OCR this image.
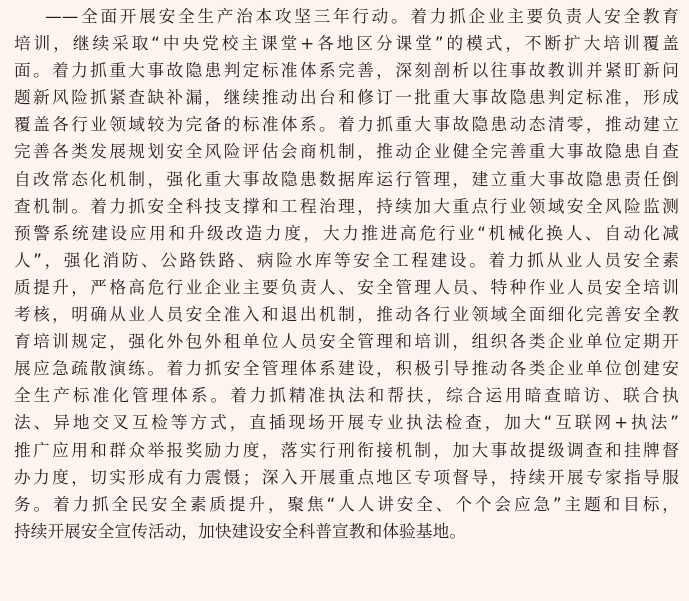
——全面开展安全生产治本攻坚三年行动。着力抓企业主要负责人安全教育
培训，继续采取“中央党校主课堂+各地区分课堂”的模式，不断扩大培训覆盖
面。着力抓重大事故隐患判定标准体系完善，深刻剖析以往事故教训并紧盯新问
题新风险抓紧查缺补漏，继续推动出台和修订一批重大事故隐患判定标准，形成
覆盖各行业领域较为完备的标准体系。着力抓重大事故隐患动态清零，推动建立
完善各类发展规划安全风险评估会商机制，推动企业健全完善重大事故隐患自查
自改常态化机制，强化重大事故隐患数据库运行管理，建立重大事故隐患责任倒
查机制。着力抓安全科技支撑和工程治理，持续加大重点行业领域安全风险监测
预警系统建设应用和升级改造力度，大力推进高危行业“机械化换人、自动化减
人”，强化消防、公路铁路、病险水库等安全工程建设。着力抓从业人员安全素
质提升，严格高危行业企业主要负责人、安全管理人员、特种作业人员安全培训
考核，明确从业人员安全准入和退出机制，推动各行业领域全面细化完善安全教
育培训规定，强化外包外租单位人员安全管理和培训，组织各类企业单位定期开
展应急疏散演练。着力抓安全管理体系建设，积极引导推动各类企业单位创建安
全生产标准化管理体系。着力抓精准执法和帮扶，综合运用暗查暗访、联合执
法、异地交叉互检等方式，直插现场开展专业执法检查，加大“互联网+执法”
推广应用和群众举报奖励力度，落实行刑衔接机制，加大事故提级调查和挂牌督
办力度，切实形成有力震慑；深入开展重点地区专项督导，持续开展专家指导服
务。着力抓全民安全素质提升，聚焦“人人讲安全、个个会应急”主题和目标，
持续开展安全宣传活动，加快建设安全科普宣教和体验基地。
